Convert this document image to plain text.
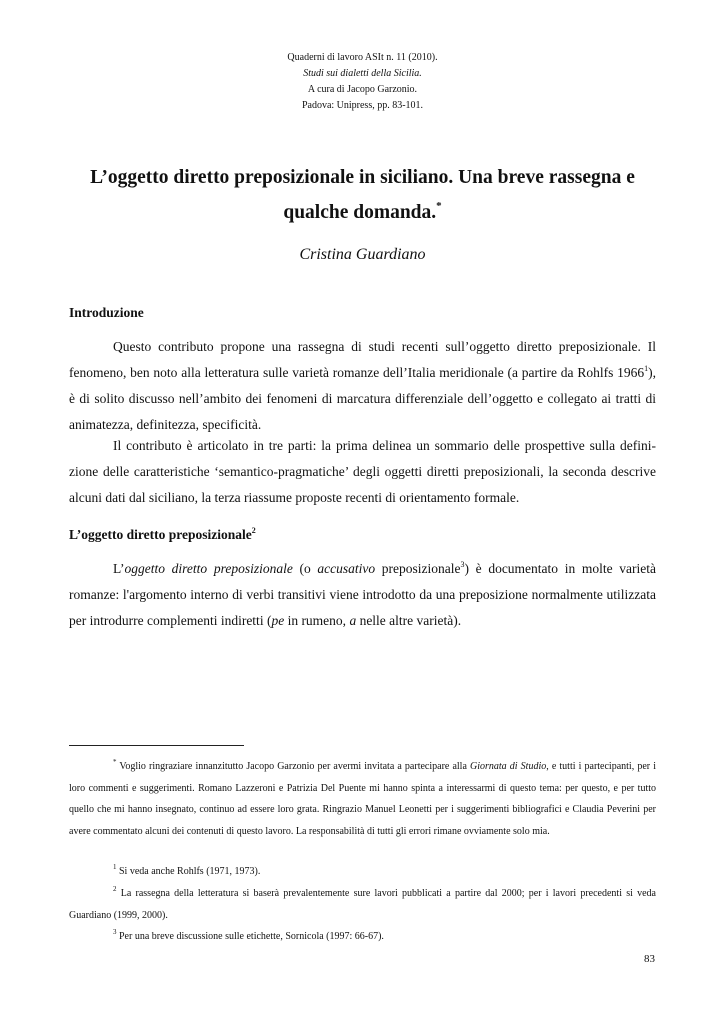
Quaderni di lavoro ASIt n. 11 (2010).
Studi sui dialetti della Sicilia.
A cura di Jacopo Garzonio.
Padova: Unipress, pp. 83-101.
L’oggetto diretto preposizionale in siciliano. Una breve rassegna e qualche domanda.*
Cristina Guardiano
Introduzione

Questo contributo propone una rassegna di studi recenti sull’oggetto diretto preposizionale. Il fenomeno, ben noto alla letteratura sulle varietà romanze dell’Italia meridionale (a partire da Rohlfs 1966$^1$), è di solito discusso nell’ambito dei fenomeni di marcatura differenziale dell’oggetto e collegato ai tratti di animatezza, definitezza, specificità.

Il contributo è articolato in tre parti: la prima delinea un sommario delle prospettive sulla definizione delle caratteristiche ‘semantico-pragmatiche’ degli oggetti diretti preposizionali, la seconda descrive alcuni dati dal siciliano, la terza riassume proposte recenti di orientamento formale.

L’oggetto diretto preposizionale$^2$

L’oggetto diretto preposizionale (o accusativo preposizionale$^3$) è documentato in molte varietà romanze: l'argomento interno di verbi transitivi viene introdotto da una preposizione normalmente utilizzata per introdurre complementi indiretti (pe in rumeno, a nelle altre varietà).

* Voglio ringraziare innanzitutto Jacopo Garzonio per avermi invitata a partecipare alla Giornata di Studio, e tutti i partecipanti, per i loro commenti e suggerimenti. Romano Lazzeroni e Patrizia Del Puente mi hanno spinta a interessarmi di questo tema: per questo, e per tutto quello che mi hanno insegnato, continuo ad essere loro grata. Ringrazio Manuel Leonetti per i suggerimenti bibliografici e Claudia Peverini per avere commentato alcuni dei contenuti di questo lavoro. La responsabilità di tutti gli errori rimane ovviamente solo mia.

$^1$ Si veda anche Rohlfs (1971, 1973).

$^2$ La rassegna della letteratura si baserà prevalentemente sure lavori pubblicati a partire dal 2000; per i lavori precedenti si veda Guardiano (1999, 2000).

$^3$ Per una breve discussione sulle etichette, Sornicola (1997: 66-67).

83
